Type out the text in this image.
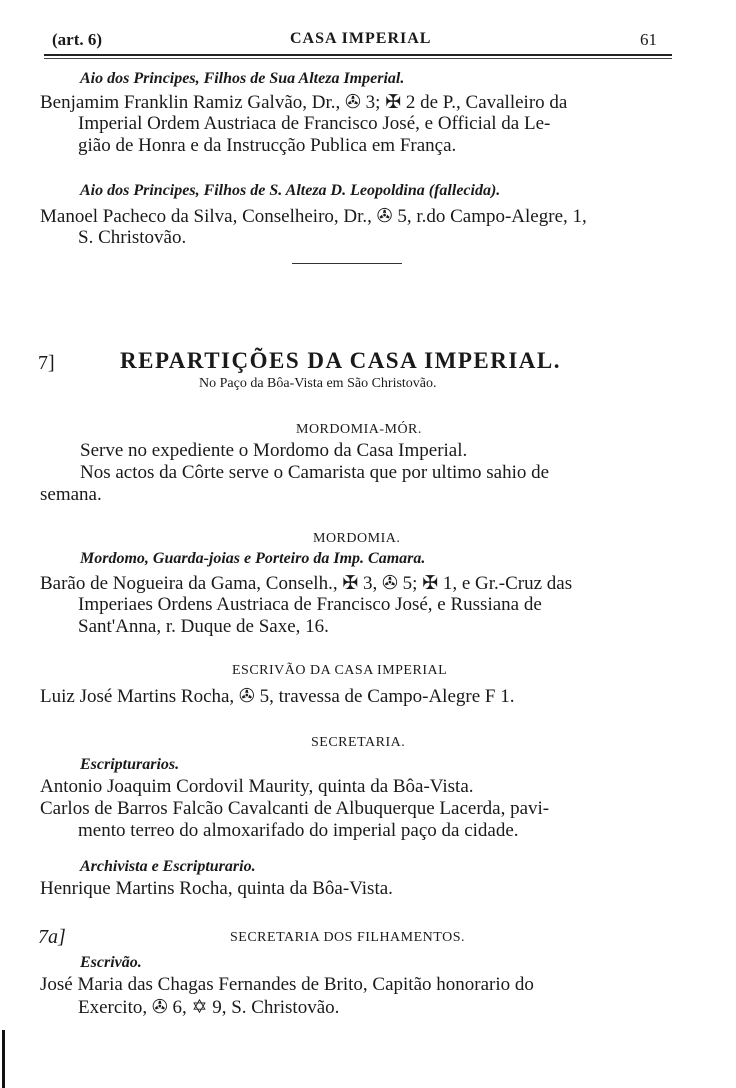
(art. 6)	CASA IMPERIAL	61
Aio dos Principes, Filhos de Sua Alteza Imperial.
Benjamim Franklin Ramiz Galvão, Dr., ✇ 3; ✠ 2 de P., Cavalleiro da
Imperial Ordem Austriaca de Francisco José, e Official da Le-
gião de Honra e da Instrucção Publica em França.
Aio dos Principes, Filhos de S. Alteza D. Leopoldina (fallecida).
Manoel Pacheco da Silva, Conselheiro, Dr., ✇ 5, r.do Campo-Alegre, 1,
S. Christovão.
7]	REPARTIÇÕES DA CASA IMPERIAL.
No Paço da Bôa-Vista em São Christovão.
MORDOMIA-MÓR.
Serve no expediente o Mordomo da Casa Imperial.
Nos actos da Côrte serve o Camarista que por ultimo sahio de
semana.
MORDOMIA.
Mordomo, Guarda-joias e Porteiro da Imp. Camara.
Barão de Nogueira da Gama, Conselh., ✠ 3, ✇ 5; ✠ 1, e Gr.-Cruz das
Imperiaes Ordens Austriaca de Francisco José, e Russiana de
Sant'Anna, r. Duque de Saxe, 16.
ESCRIVÃO DA CASA IMPERIAL
Luiz José Martins Rocha, ✇ 5, travessa de Campo-Alegre F 1.
SECRETARIA.
Escripturarios.
Antonio Joaquim Cordovil Maurity, quinta da Bôa-Vista.
Carlos de Barros Falcão Cavalcanti de Albuquerque Lacerda, pavi-
mento terreo do almoxarifado do imperial paço da cidade.
Archivista e Escripturario.
Henrique Martins Rocha, quinta da Bôa-Vista.
7a]	SECRETARIA DOS FILHAMENTOS.
Escrivão.
José Maria das Chagas Fernandes de Brito, Capitão honorario do
Exercito, ✇ 6, ✡ 9, S. Christovão.
